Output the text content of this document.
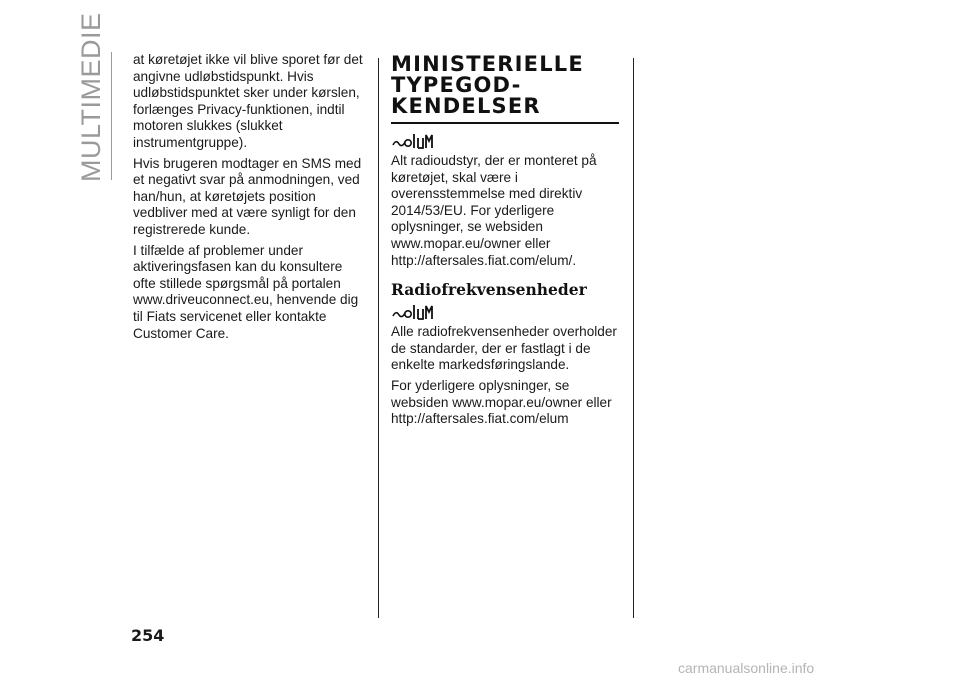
MULTIMEDIE at køretøjet ikke vil blive sporet før det angivne udløbstidspunkt. Hvis udløbstidspunktet sker under kørslen, forlænges Privacy-funktionen, indtil motoren slukkes (slukket instrumentgruppe).

Hvis brugeren modtager en SMS med et negativt svar på anmodningen, ved han/hun, at køretøjets position vedbliver med at være synligt for den registrerede kunde.

I tilfælde af problemer under aktiveringsfasen kan du konsultere ofte stillede spørgsmål på portalen www.driveuconnect.eu, henvende dig til Fiats servicenet eller kontakte Customer Care.

MINISTERIELLE
TYPEGOD-
KENDELSER

Alt radioudstyr, der er monteret på køretøjet, skal være i overensstemmelse med direktiv 2014/53/EU. For yderligere oplysninger, se websiden www.mopar.eu/owner eller http://aftersales.fiat.com/elum/.

Radiofrekvensenheder

Alle radiofrekvensenheder overholder de standarder, der er fastlagt i de enkelte markedsføringslande.

For yderligere oplysninger, se websiden www.mopar.eu/owner eller http://aftersales.fiat.com/elum

254
carmanualsonline.info
